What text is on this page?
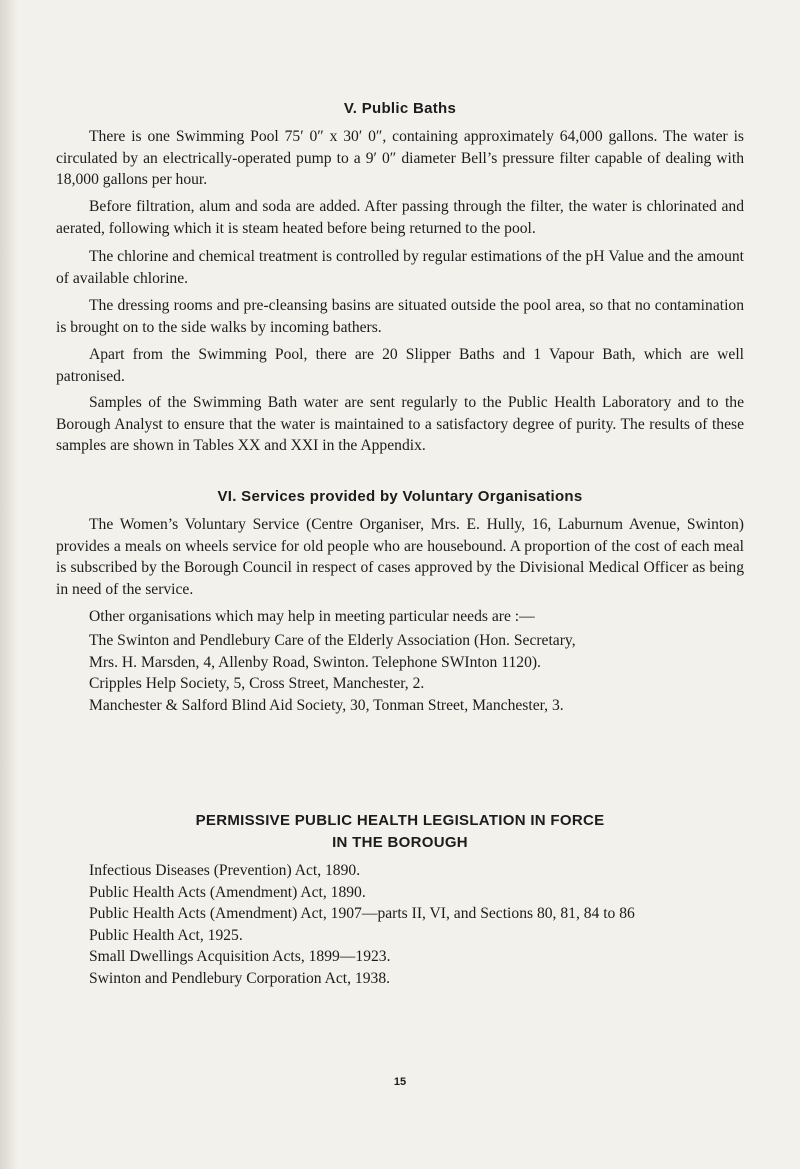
V. Public Baths

There is one Swimming Pool 75′ 0″ x 30′ 0″, containing approximately 64,000 gallons. The water is circulated by an electrically-operated pump to a 9′ 0″ diameter Bell’s pressure filter capable of dealing with 18,000 gallons per hour.

Before filtration, alum and soda are added. After passing through the filter, the water is chlorinated and aerated, following which it is steam heated before being returned to the pool.

The chlorine and chemical treatment is controlled by regular estimations of the pH Value and the amount of available chlorine.

The dressing rooms and pre-cleansing basins are situated outside the pool area, so that no contamination is brought on to the side walks by incoming bathers.

Apart from the Swimming Pool, there are 20 Slipper Baths and 1 Vapour Bath, which are well patronised.

Samples of the Swimming Bath water are sent regularly to the Public Health Laboratory and to the Borough Analyst to ensure that the water is maintained to a satisfactory degree of purity. The results of these samples are shown in Tables XX and XXI in the Appendix.

VI. Services provided by Voluntary Organisations

The Women’s Voluntary Service (Centre Organiser, Mrs. E. Hully, 16, Laburnum Avenue, Swinton) provides a meals on wheels service for old people who are housebound. A proportion of the cost of each meal is subscribed by the Borough Council in respect of cases approved by the Divisional Medical Officer as being in need of the service.

Other organisations which may help in meeting particular needs are :—

The Swinton and Pendlebury Care of the Elderly Association (Hon. Secretary,
Mrs. H. Marsden, 4, Allenby Road, Swinton. Telephone SWInton 1120).
Cripples Help Society, 5, Cross Street, Manchester, 2.
Manchester & Salford Blind Aid Society, 30, Tonman Street, Manchester, 3.
PERMISSIVE PUBLIC HEALTH LEGISLATION IN FORCE
IN THE BOROUGH
Infectious Diseases (Prevention) Act, 1890.
Public Health Acts (Amendment) Act, 1890.
Public Health Acts (Amendment) Act, 1907—parts II, VI, and Sections 80, 81, 84 to 86
Public Health Act, 1925.
Small Dwellings Acquisition Acts, 1899—1923.
Swinton and Pendlebury Corporation Act, 1938.
15
